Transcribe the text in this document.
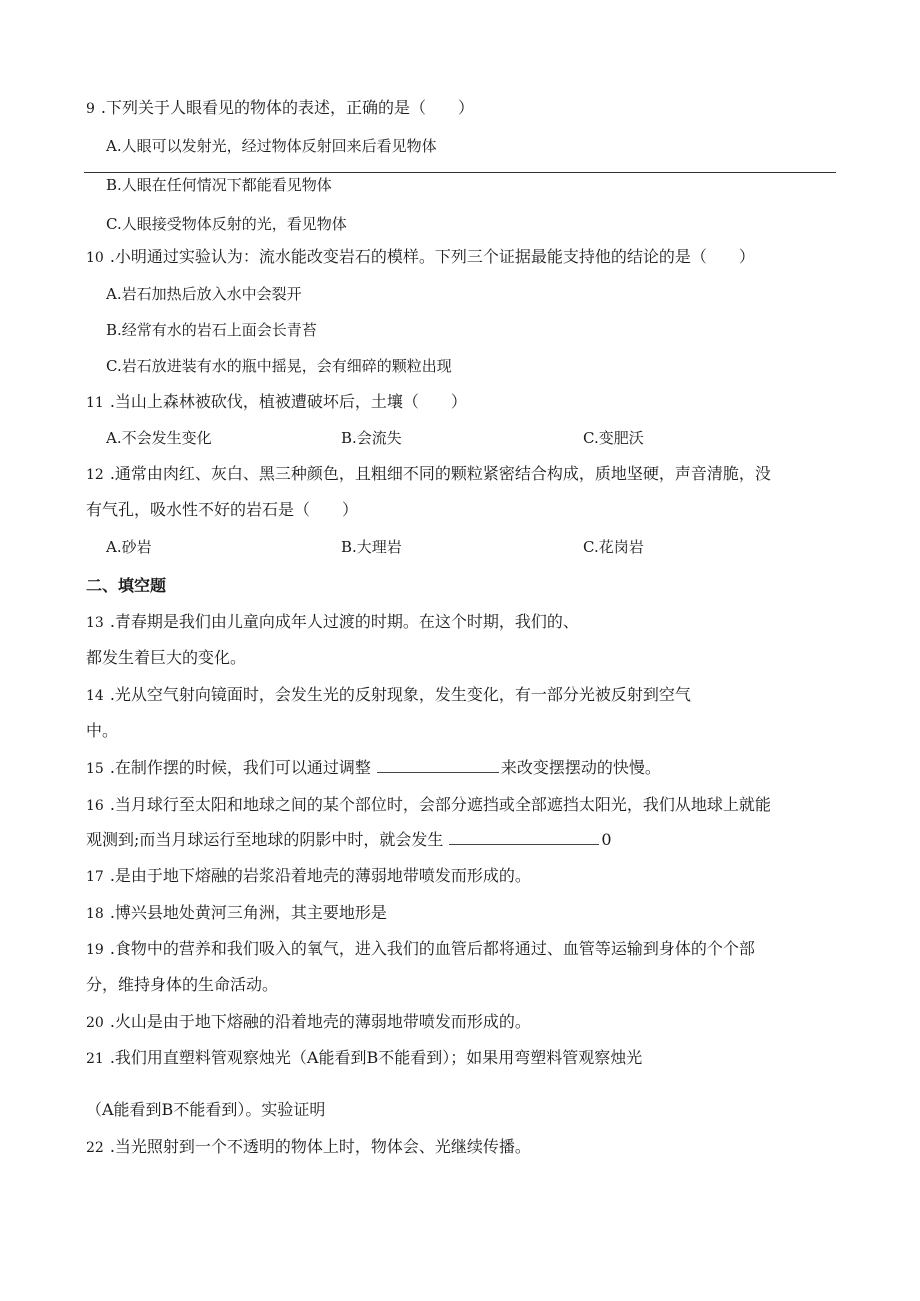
9 .下列关于人眼看见的物体的表述，正确的是（ ）
A.人眼可以发射光，经过物体反射回来后看见物体
B.人眼在任何情况下都能看见物体
C.人眼接受物体反射的光，看见物体
10 .小明通过实验认为：流水能改变岩石的模样。下列三个证据最能支持他的结论的是（ ）
A.岩石加热后放入水中会裂开
B.经常有水的岩石上面会长青苔
C.岩石放进装有水的瓶中摇晃，会有细碎的颗粒出现
11 .当山上森林被砍伐，植被遭破坏后，土壤（ ）
A.不会发生变化	B.会流失	C.变肥沃
12 .通常由肉红、灰白、黑三种颜色，且粗细不同的颗粒紧密结合构成，质地坚硬，声音清脆，没
有气孔，吸水性不好的岩石是（ ）
A.砂岩	B.大理岩	C.花岗岩
二、填空题
13 .青春期是我们由儿童向成年人过渡的时期。在这个时期，我们的、
都发生着巨大的变化。
14 .光从空气射向镜面时，会发生光的反射现象，发生变化，有一部分光被反射到空气
中。
15 .在制作摆的时候，我们可以通过调整	来改变摆摆动的快慢。
16 .当月球行至太阳和地球之间的某个部位时，会部分遮挡或全部遮挡太阳光，我们从地球上就能
观测到;而当月球运行至地球的阴影中时，就会发生	0
17 .是由于地下熔融的岩浆沿着地壳的薄弱地带喷发而形成的。
18 .博兴县地处黄河三角洲，其主要地形是
19 .食物中的营养和我们吸入的氧气，进入我们的血管后都将通过、血管等运输到身体的个个部
分，维持身体的生命活动。
20 .火山是由于地下熔融的沿着地壳的薄弱地带喷发而形成的。
21 .我们用直塑料管观察烛光（A能看到B不能看到）；如果用弯塑料管观察烛光
（A能看到B不能看到）。实验证明
22 .当光照射到一个不透明的物体上时，物体会、光继续传播。
